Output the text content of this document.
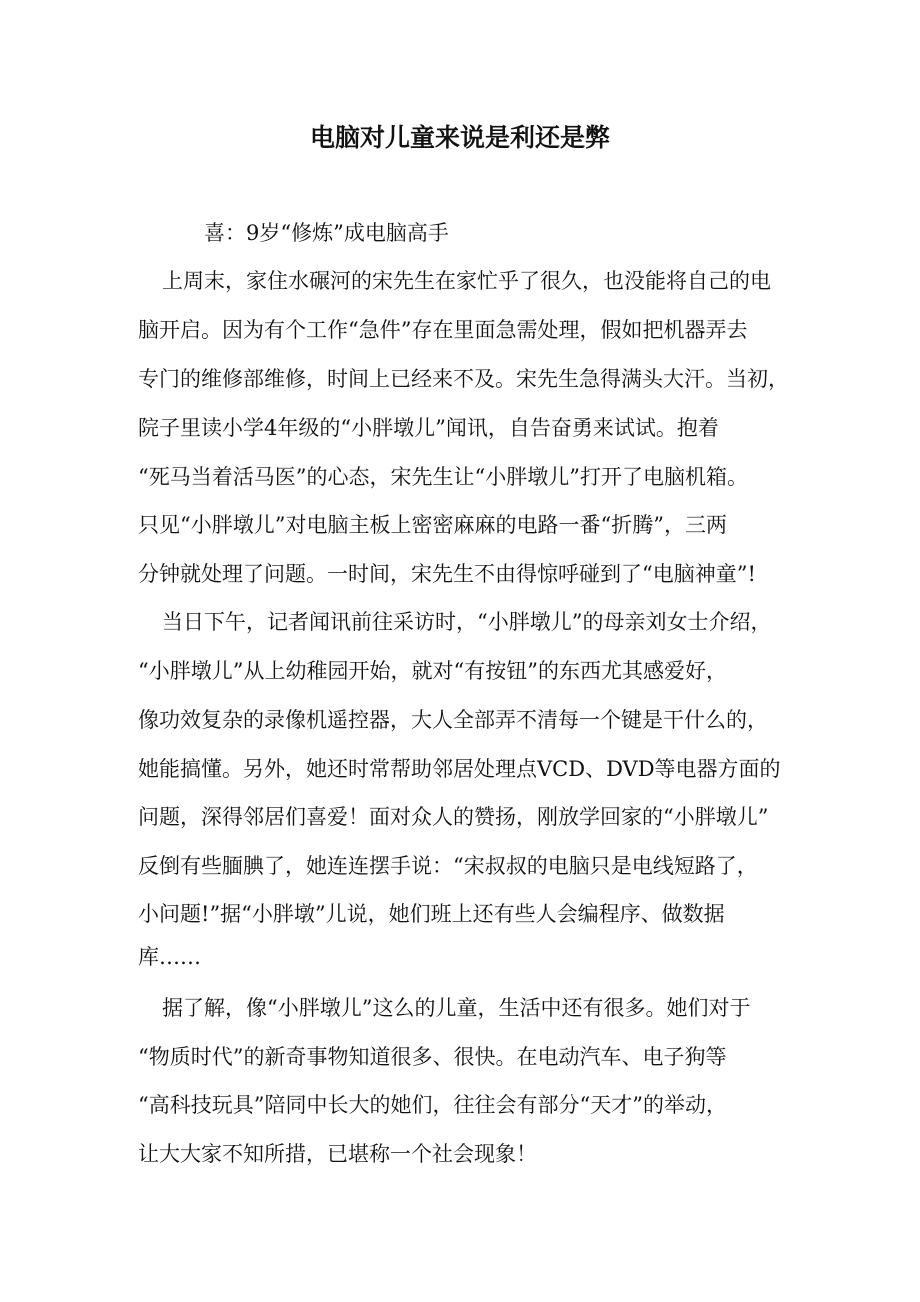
电脑对儿童来说是利还是弊
喜：9岁“修炼”成电脑高手
上周末，家住水碾河的宋先生在家忙乎了很久，也没能将自己的电
脑开启。因为有个工作“急件”存在里面急需处理，假如把机器弄去
专门的维修部维修，时间上已经来不及。宋先生急得满头大汗。当初，
院子里读小学4年级的“小胖墩儿”闻讯，自告奋勇来试试。抱着
“死马当着活马医”的心态，宋先生让“小胖墩儿”打开了电脑机箱。
只见“小胖墩儿”对电脑主板上密密麻麻的电路一番“折腾”，三两
分钟就处理了问题。一时间，宋先生不由得惊呼碰到了“电脑神童”!
当日下午，记者闻讯前往采访时，“小胖墩儿”的母亲刘女士介绍，
“小胖墩儿”从上幼稚园开始，就对“有按钮”的东西尤其感爱好，
像功效复杂的录像机遥控器，大人全部弄不清每一个键是干什么的，
她能搞懂。另外，她还时常帮助邻居处理点VCD、DVD等电器方面的
问题，深得邻居们喜爱！面对众人的赞扬，刚放学回家的“小胖墩儿”
反倒有些腼腆了，她连连摆手说：“宋叔叔的电脑只是电线短路了，
小问题!”据“小胖墩”儿说，她们班上还有些人会编程序、做数据
库……
据了解，像“小胖墩儿”这么的儿童，生活中还有很多。她们对于
“物质时代”的新奇事物知道很多、很快。在电动汽车、电子狗等
“高科技玩具”陪同中长大的她们，往往会有部分“天才”的举动，
让大大家不知所措，已堪称一个社会现象！
